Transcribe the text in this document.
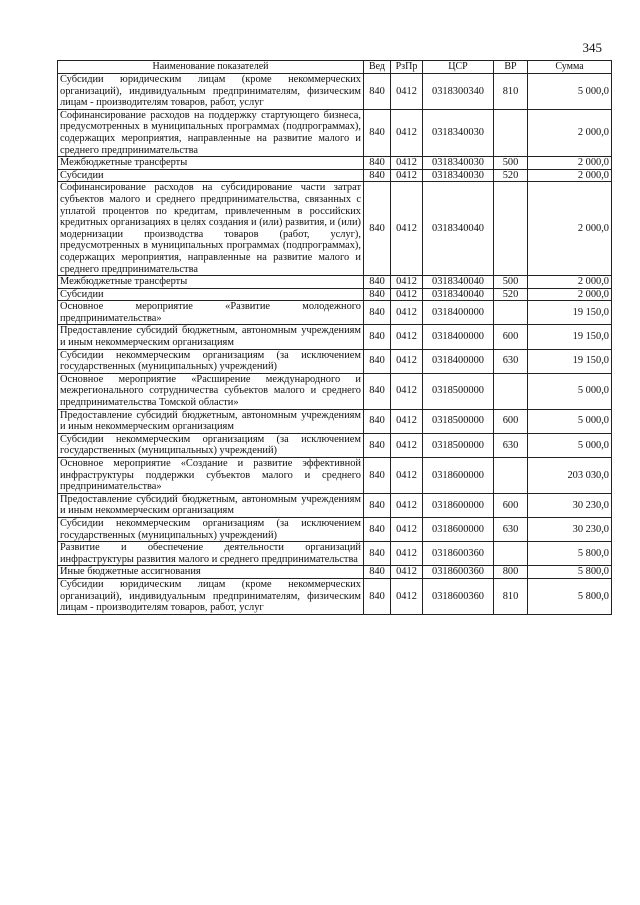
345
Наименование показателей	Вед	РзПр	ЦСР	ВР	Сумма
Субсидии юридическим лицам (кроме некоммерческих организаций), индивидуальным предпринимателям, физическим лицам - производителям товаров, работ, услуг	840	0412	0318300340	810	5 000,0
Софинансирование расходов на поддержку стартующего бизнеса, предусмотренных в муниципальных программах (подпрограммах), содержащих мероприятия, направленные на развитие малого и среднего предпринимательства	840	0412	0318340030		2 000,0
Межбюджетные трансферты	840	0412	0318340030	500	2 000,0
Субсидии	840	0412	0318340030	520	2 000,0
Софинансирование расходов на субсидирование части затрат субъектов малого и среднего предпринимательства, связанных с уплатой процентов по кредитам, привлеченным в российских кредитных организациях в целях создания и (или) развития, и (или) модернизации производства товаров (работ, услуг), предусмотренных в муниципальных программах (подпрограммах), содержащих мероприятия, направленные на развитие малого и среднего предпринимательства	840	0412	0318340040		2 000,0
Межбюджетные трансферты	840	0412	0318340040	500	2 000,0
Субсидии	840	0412	0318340040	520	2 000,0
Основное мероприятие «Развитие молодежного предпринимательства»	840	0412	0318400000		19 150,0
Предоставление субсидий бюджетным, автономным учреждениям и иным некоммерческим организациям	840	0412	0318400000	600	19 150,0
Субсидии некоммерческим организациям (за исключением государственных (муниципальных) учреждений)	840	0412	0318400000	630	19 150,0
Основное мероприятие «Расширение международного и межрегионального сотрудничества субъектов малого и среднего предпринимательства Томской области»	840	0412	0318500000		5 000,0
Предоставление субсидий бюджетным, автономным учреждениям и иным некоммерческим организациям	840	0412	0318500000	600	5 000,0
Субсидии некоммерческим организациям (за исключением государственных (муниципальных) учреждений)	840	0412	0318500000	630	5 000,0
Основное мероприятие «Создание и развитие эффективной инфраструктуры поддержки субъектов малого и среднего предпринимательства»	840	0412	0318600000		203 030,0
Предоставление субсидий бюджетным, автономным учреждениям и иным некоммерческим организациям	840	0412	0318600000	600	30 230,0
Субсидии некоммерческим организациям (за исключением государственных (муниципальных) учреждений)	840	0412	0318600000	630	30 230,0
Развитие и обеспечение деятельности организаций инфраструктуры развития малого и среднего предпринимательства	840	0412	0318600360		5 800,0
Иные бюджетные ассигнования	840	0412	0318600360	800	5 800,0
Субсидии юридическим лицам (кроме некоммерческих организаций), индивидуальным предпринимателям, физическим лицам - производителям товаров, работ, услуг	840	0412	0318600360	810	5 800,0
